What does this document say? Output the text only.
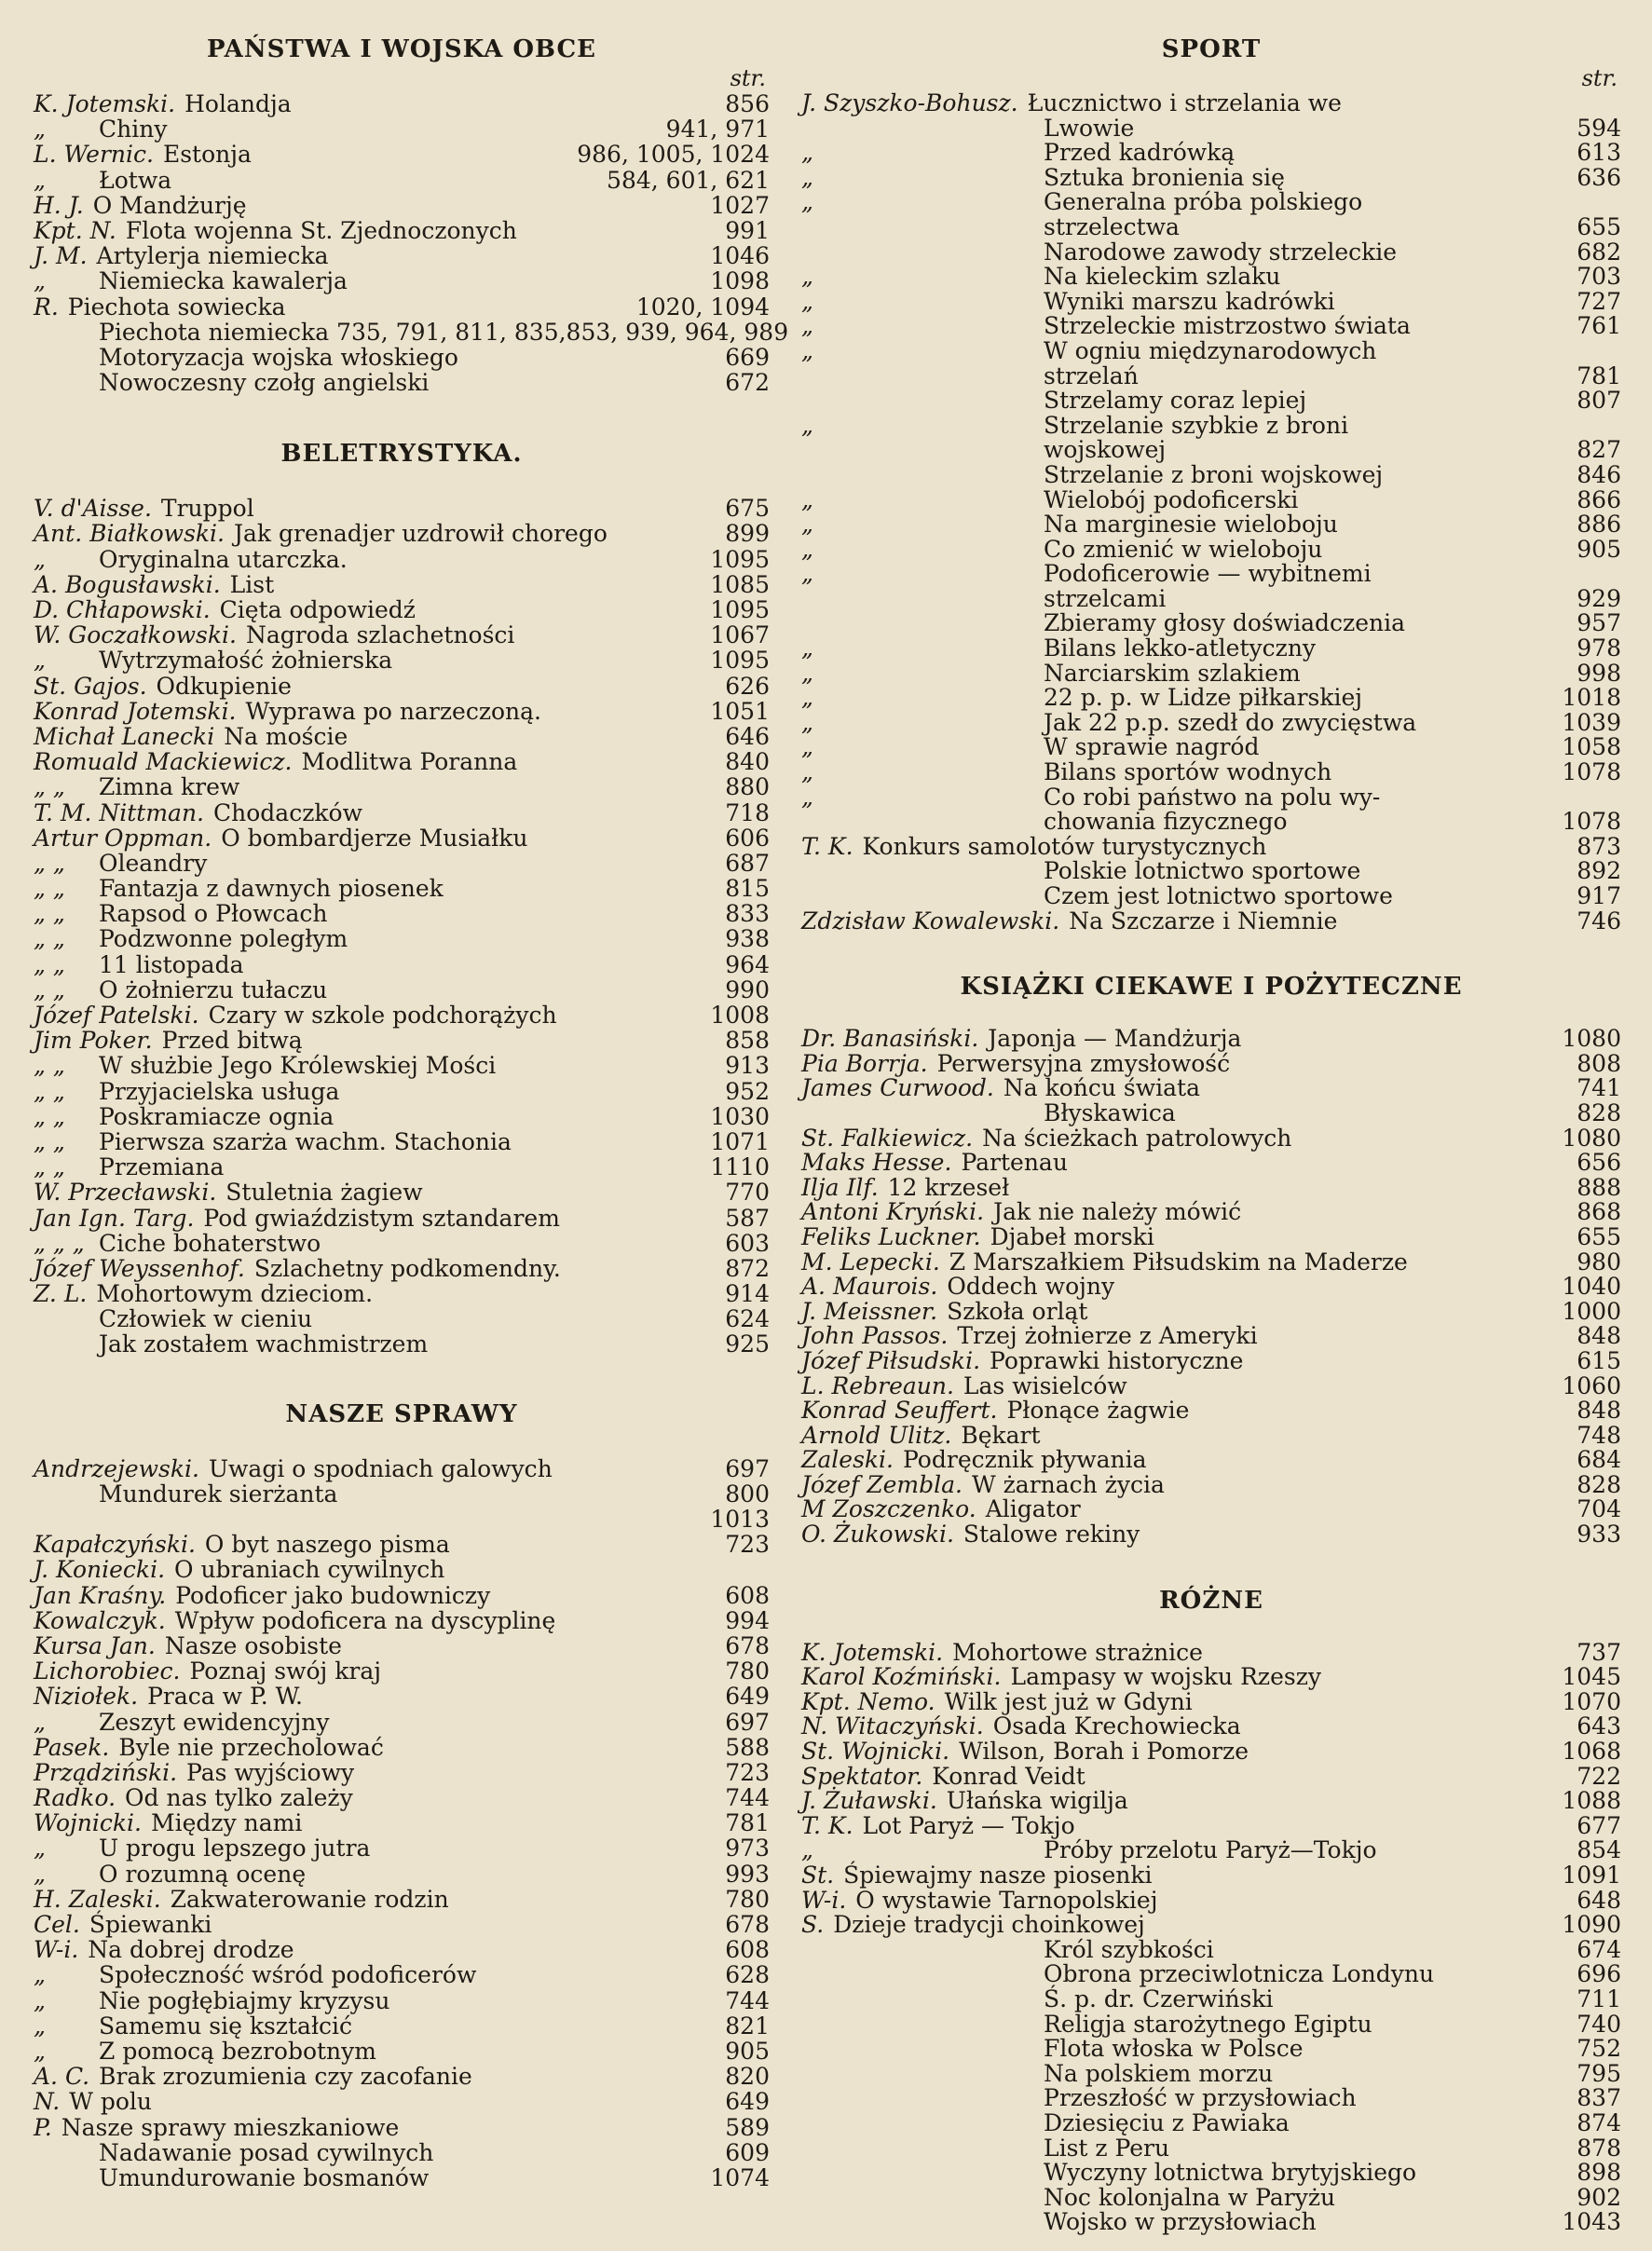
PAŃSTWA I WOJSKA OBCE
str.
K. Jotemski. Holandja	856
„ Chiny	941, 971
L. Wernic. Estonja	986, 1005, 1024
„ Łotwa	584, 601, 621
H. J. O Mandżurję	1027
Kpt. N. Flota wojenna St. Zjednoczonych	991
J. M. Artylerja niemiecka	1046
„ Niemiecka kawalerja	1098
R. Piechota sowiecka	1020, 1094
Piechota niemiecka 735, 791, 811, 835,853, 939, 964, 989
Motoryzacja wojska włoskiego	669
Nowoczesny czołg angielski	672
BELETRYSTYKA.
V. d'Aisse. Truppol	675
Ant. Białkowski. Jak grenadjer uzdrowił chorego	899
„ Oryginalna utarczka.	1095
A. Bogusławski. List	1085
D. Chłapowski. Cięta odpowiedź	1095
W. Goczałkowski. Nagroda szlachetności	1067
„ Wytrzymałość żołnierska	1095
St. Gajos. Odkupienie	626
Konrad Jotemski. Wyprawa po narzeczoną.	1051
Michał Lanecki Na moście	646
Romuald Mackiewicz. Modlitwa Poranna	840
„ „ Zimna krew	880
T. M. Nittman. Chodaczków	718
Artur Oppman. O bombardjerze Musiałku	606
„ „ Oleandry	687
„ „ Fantazja z dawnych piosenek	815
„ „ Rapsod o Płowcach	833
„ „ Podzwonne poległym	938
„ „ 11 listopada	964
„ „ O żołnierzu tułaczu	990
Józef Patelski. Czary w szkole podchorążych	1008
Jim Poker. Przed bitwą	858
„ „ W służbie Jego Królewskiej Mości	913
„ „ Przyjacielska usługa	952
„ „ Poskramiacze ognia	1030
„ „ Pierwsza szarża wachm. Stachonia	1071
„ „ Przemiana	1110
W. Przecławski. Stuletnia żagiew	770
Jan Ign. Targ. Pod gwiaździstym sztandarem	587
„ „ „ Ciche bohaterstwo	603
Józef Weyssenhof. Szlachetny podkomendny.	872
Z. L. Mohortowym dzieciom.	914
Człowiek w cieniu	624
Jak zostałem wachmistrzem	925
NASZE SPRAWY
Andrzejewski. Uwagi o spodniach galowych	697
Mundurek sierżanta	800
1013
Kapałczyński. O byt naszego pisma	723
J. Koniecki. O ubraniach cywilnych
Jan Kraśny. Podoficer jako budowniczy	608
Kowalczyk. Wpływ podoficera na dyscyplinę	994
Kursa Jan. Nasze osobiste	678
Lichorobiec. Poznaj swój kraj	780
Niziołek. Praca w P. W.	649
„ Zeszyt ewidencyjny	697
Pasek. Byle nie przecholować	588
Prządziński. Pas wyjściowy	723
Radko. Od nas tylko zależy	744
Wojnicki. Między nami	781
„ U progu lepszego jutra	973
„ O rozumną ocenę	993
H. Zaleski. Zakwaterowanie rodzin	780
Cel. Śpiewanki	678
W-i. Na dobrej drodze	608
„ Społeczność wśród podoficerów	628
„ Nie pogłębiajmy kryzysu	744
„ Samemu się kształcić	821
„ Z pomocą bezrobotnym	905
A. C. Brak zrozumienia czy zacofanie	820
N. W polu	649
P. Nasze sprawy mieszkaniowe	589
Nadawanie posad cywilnych	609
Umundurowanie bosmanów	1074
SPORT
str.
J. Szyszko-Bohusz. Łucznictwo i strzelania we
Lwowie	594
„	Przed kadrówką	613
„	Sztuka bronienia się	636
„	Generalna próba polskiego
strzelectwa	655
Narodowe zawody strzeleckie	682
„	Na kieleckim szlaku	703
„	Wyniki marszu kadrówki	727
„	Strzeleckie mistrzostwo świata	761
„	W ogniu międzynarodowych
strzelań	781
Strzelamy coraz lepiej	807
„	Strzelanie szybkie z broni
wojskowej	827
Strzelanie z broni wojskowej	846
„	Wielobój podoficerski	866
„	Na marginesie wieloboju	886
„	Co zmienić w wieloboju	905
„	Podoficerowie — wybitnemi
strzelcami	929
Zbieramy głosy doświadczenia	957
„	Bilans lekko-atletyczny	978
„	Narciarskim szlakiem	998
„	22 p. p. w Lidze piłkarskiej	1018
„	Jak 22 p.p. szedł do zwycięstwa	1039
„	W sprawie nagród	1058
„	Bilans sportów wodnych	1078
„	Co robi państwo na polu wy-
chowania fizycznego	1078
T. K. Konkurs samolotów turystycznych	873
Polskie lotnictwo sportowe	892
Czem jest lotnictwo sportowe	917
Zdzisław Kowalewski. Na Szczarze i Niemnie	746
KSIĄŻKI CIEKAWE I POŻYTECZNE
Dr. Banasiński. Japonja — Mandżurja	1080
Pia Borrja. Perwersyjna zmysłowość	808
James Curwood. Na końcu świata	741
Błyskawica	828
St. Falkiewicz. Na ścieżkach patrolowych	1080
Maks Hesse. Partenau	656
Ilja Ilf. 12 krzeseł	888
Antoni Kryński. Jak nie należy mówić	868
Feliks Luckner. Djabeł morski	655
M. Lepecki. Z Marszałkiem Piłsudskim na Maderze	980
A. Maurois. Oddech wojny	1040
J. Meissner. Szkoła orląt	1000
John Passos. Trzej żołnierze z Ameryki	848
Józef Piłsudski. Poprawki historyczne	615
L. Rebreaun. Las wisielców	1060
Konrad Seuffert. Płonące żagwie	848
Arnold Ulitz. Bękart	748
Zaleski. Podręcznik pływania	684
Józef Zembla. W żarnach życia	828
M Zoszczenko. Aligator	704
O. Żukowski. Stalowe rekiny	933
RÓŻNE
K. Jotemski. Mohortowe strażnice	737
Karol Koźmiński. Lampasy w wojsku Rzeszy	1045
Kpt. Nemo. Wilk jest już w Gdyni	1070
N. Witaczyński. Osada Krechowiecka	643
St. Wojnicki. Wilson, Borah i Pomorze	1068
Spektator. Konrad Veidt	722
J. Żuławski. Ułańska wigilja	1088
T. K. Lot Paryż — Tokjo	677
„	Próby przelotu Paryż—Tokjo	854
St. Śpiewajmy nasze piosenki	1091
W-i. O wystawie Tarnopolskiej	648
S. Dzieje tradycji choinkowej	1090
Król szybkości	674
Obrona przeciwlotnicza Londynu	696
Ś. p. dr. Czerwiński	711
Religja starożytnego Egiptu	740
Flota włoska w Polsce	752
Na polskiem morzu	795
Przeszłość w przysłowiach	837
Dziesięciu z Pawiaka	874
List z Peru	878
Wyczyny lotnictwa brytyjskiego	898
Noc kolonjalna w Paryżu	902
Wojsko w przysłowiach	1043
